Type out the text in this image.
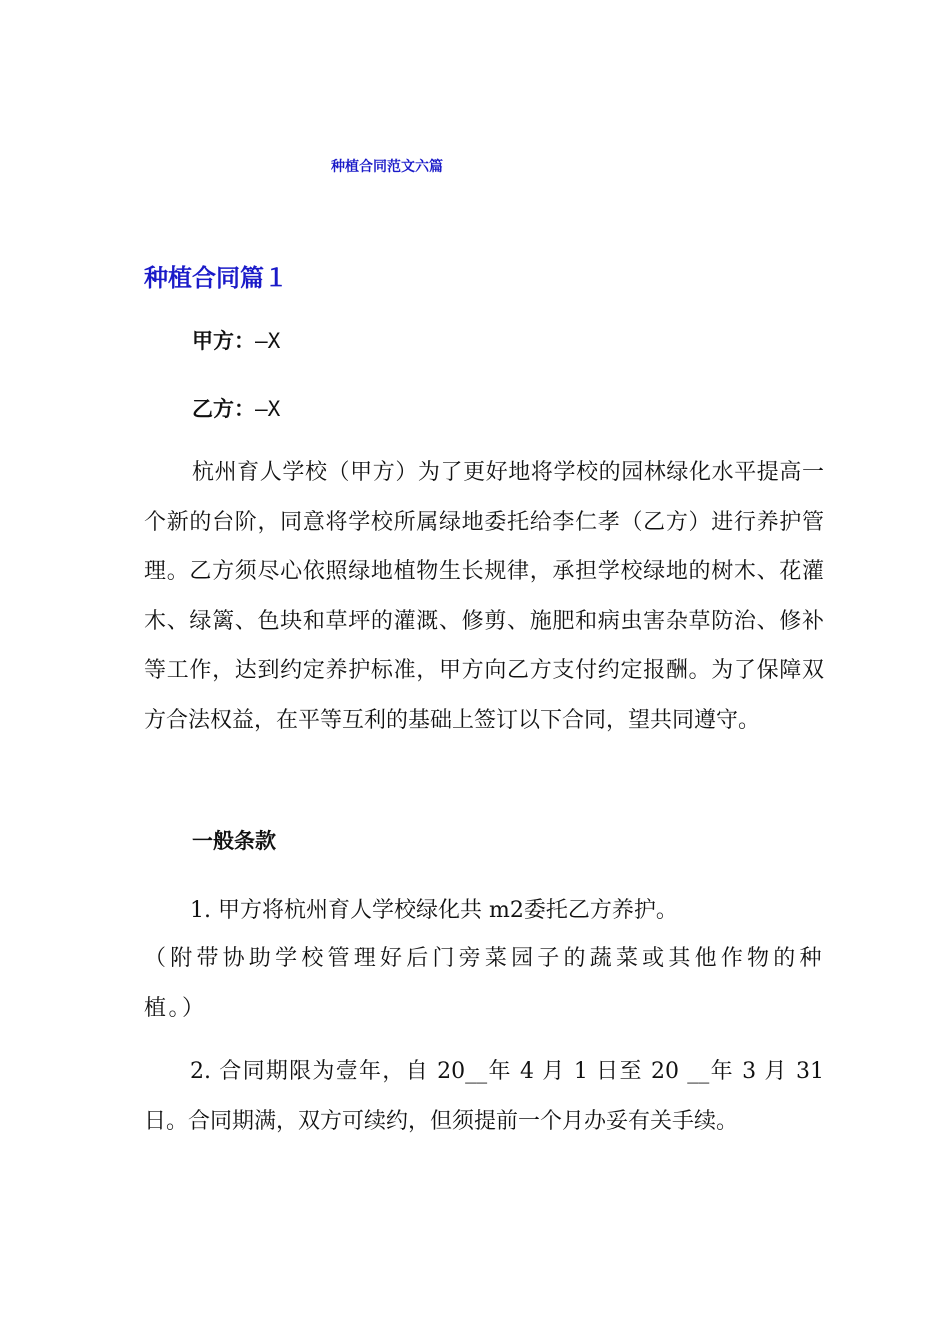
种植合同范文六篇
种植合同篇１
甲方：—X
乙方：—X

杭州育人学校（甲方）为了更好地将学校的园林绿化水平提高一个新的台阶，同意将学校所属绿地委托给李仁孝（乙方）进行养护管理。乙方须尽心依照绿地植物生长规律，承担学校绿地的树木、花灌木、绿篱、色块和草坪的灌溉、修剪、施肥和病虫害杂草防治、修补等工作，达到约定养护标准，甲方向乙方支付约定报酬。为了保障双方合法权益，在平等互利的基础上签订以下合同，望共同遵守。

一般条款
1. 甲方将杭州育人学校绿化共 m2委托乙方养护。

（附带协助学校管理好后门旁菜园子的蔬菜或其他作物的种植。）

2. 合同期限为壹年，自 20__年 4 月 1 日至 20 __年 3 月 31 日。合同期满，双方可续约，但须提前一个月办妥有关手续。
